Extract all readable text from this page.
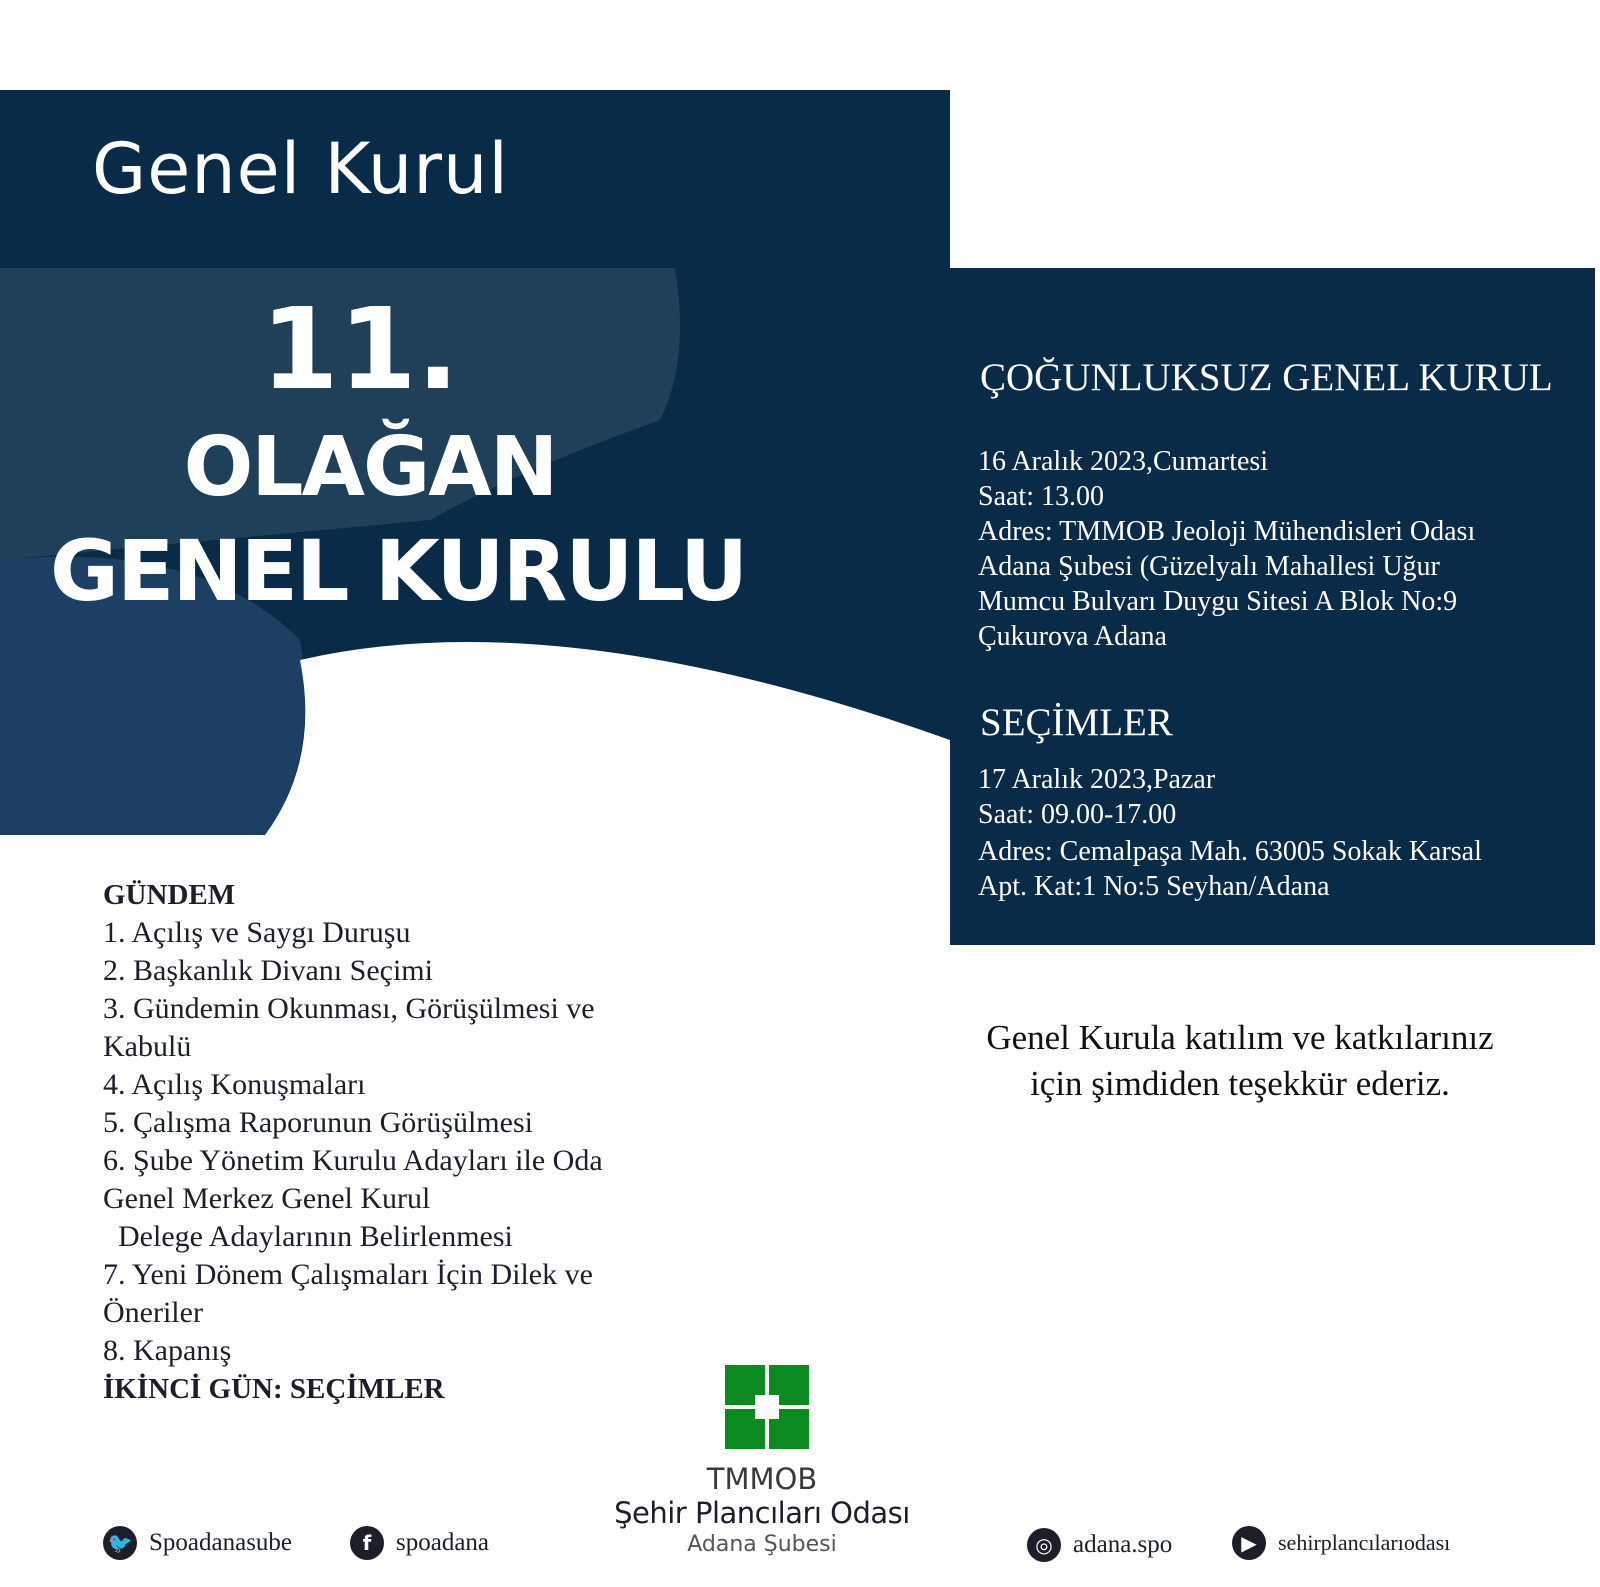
Genel Kurul
11.
OLAĞAN
GENEL KURULU
ÇOĞUNLUKSUZ GENEL KURUL
16 Aralık 2023,Cumartesi
Saat: 13.00
Adres: TMMOB Jeoloji Mühendisleri Odası
Adana Şubesi (Güzelyalı Mahallesi Uğur
Mumcu Bulvarı Duygu Sitesi A Blok No:9
Çukurova Adana
SEÇİMLER
17 Aralık 2023,Pazar
Saat: 09.00-17.00
Adres: Cemalpaşa Mah. 63005 Sokak Karsal
Apt. Kat:1 No:5 Seyhan/Adana
GÜNDEM
1. Açılış ve Saygı Duruşu
2. Başkanlık Divanı Seçimi
3. Gündemin Okunması, Görüşülmesi ve
Kabulü
4. Açılış Konuşmaları
5. Çalışma Raporunun Görüşülmesi
6. Şube Yönetim Kurulu Adayları ile Oda
Genel Merkez Genel Kurul
Delege Adaylarının Belirlenmesi
7. Yeni Dönem Çalışmaları İçin Dilek ve
Öneriler
8. Kapanış
İKİNCİ GÜN: SEÇİMLER
Genel Kurula katılım ve katkılarınız
için şimdiden teşekkür ederiz.
TMMOB
Şehir Plancıları Odası
Adana Şubesi
🐦 Spoadanasube	f spoadana	◎ adana.spo	▶ sehirplancılarıodası
